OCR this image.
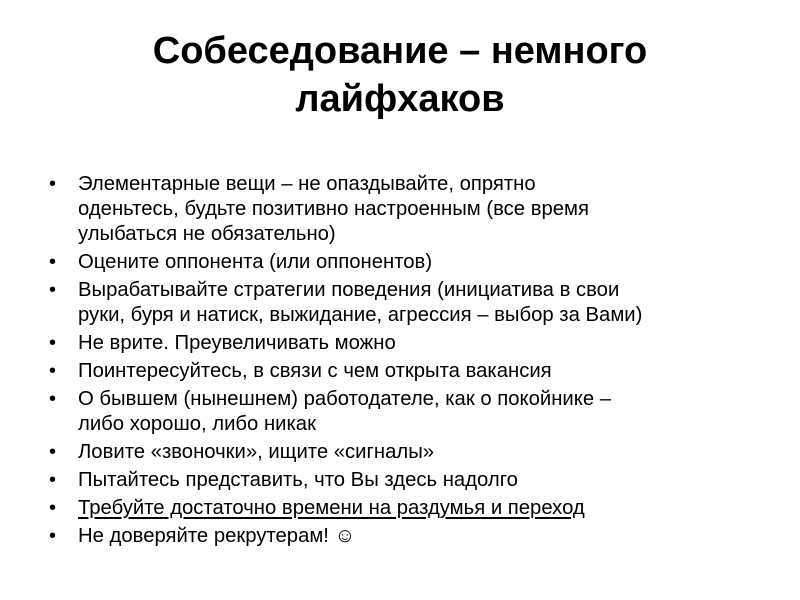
Собеседование – немного
лайфхаков
• Элементарные вещи – не опаздывайте, опрятно
оденьтесь, будьте позитивно настроенным (все время
улыбаться не обязательно)
• Оцените оппонента (или оппонентов)
• Вырабатывайте стратегии поведения (инициатива в свои
руки, буря и натиск, выжидание, агрессия – выбор за Вами)
• Не врите. Преувеличивать можно
• Поинтересуйтесь, в связи с чем открыта вакансия
• О бывшем (нынешнем) работодателе, как о покойнике –
либо хорошо, либо никак
• Ловите «звоночки», ищите «сигналы»
• Пытайтесь представить, что Вы здесь надолго
• Требуйте достаточно времени на раздумья и переход
• Не доверяйте рекрутерам! ☺
